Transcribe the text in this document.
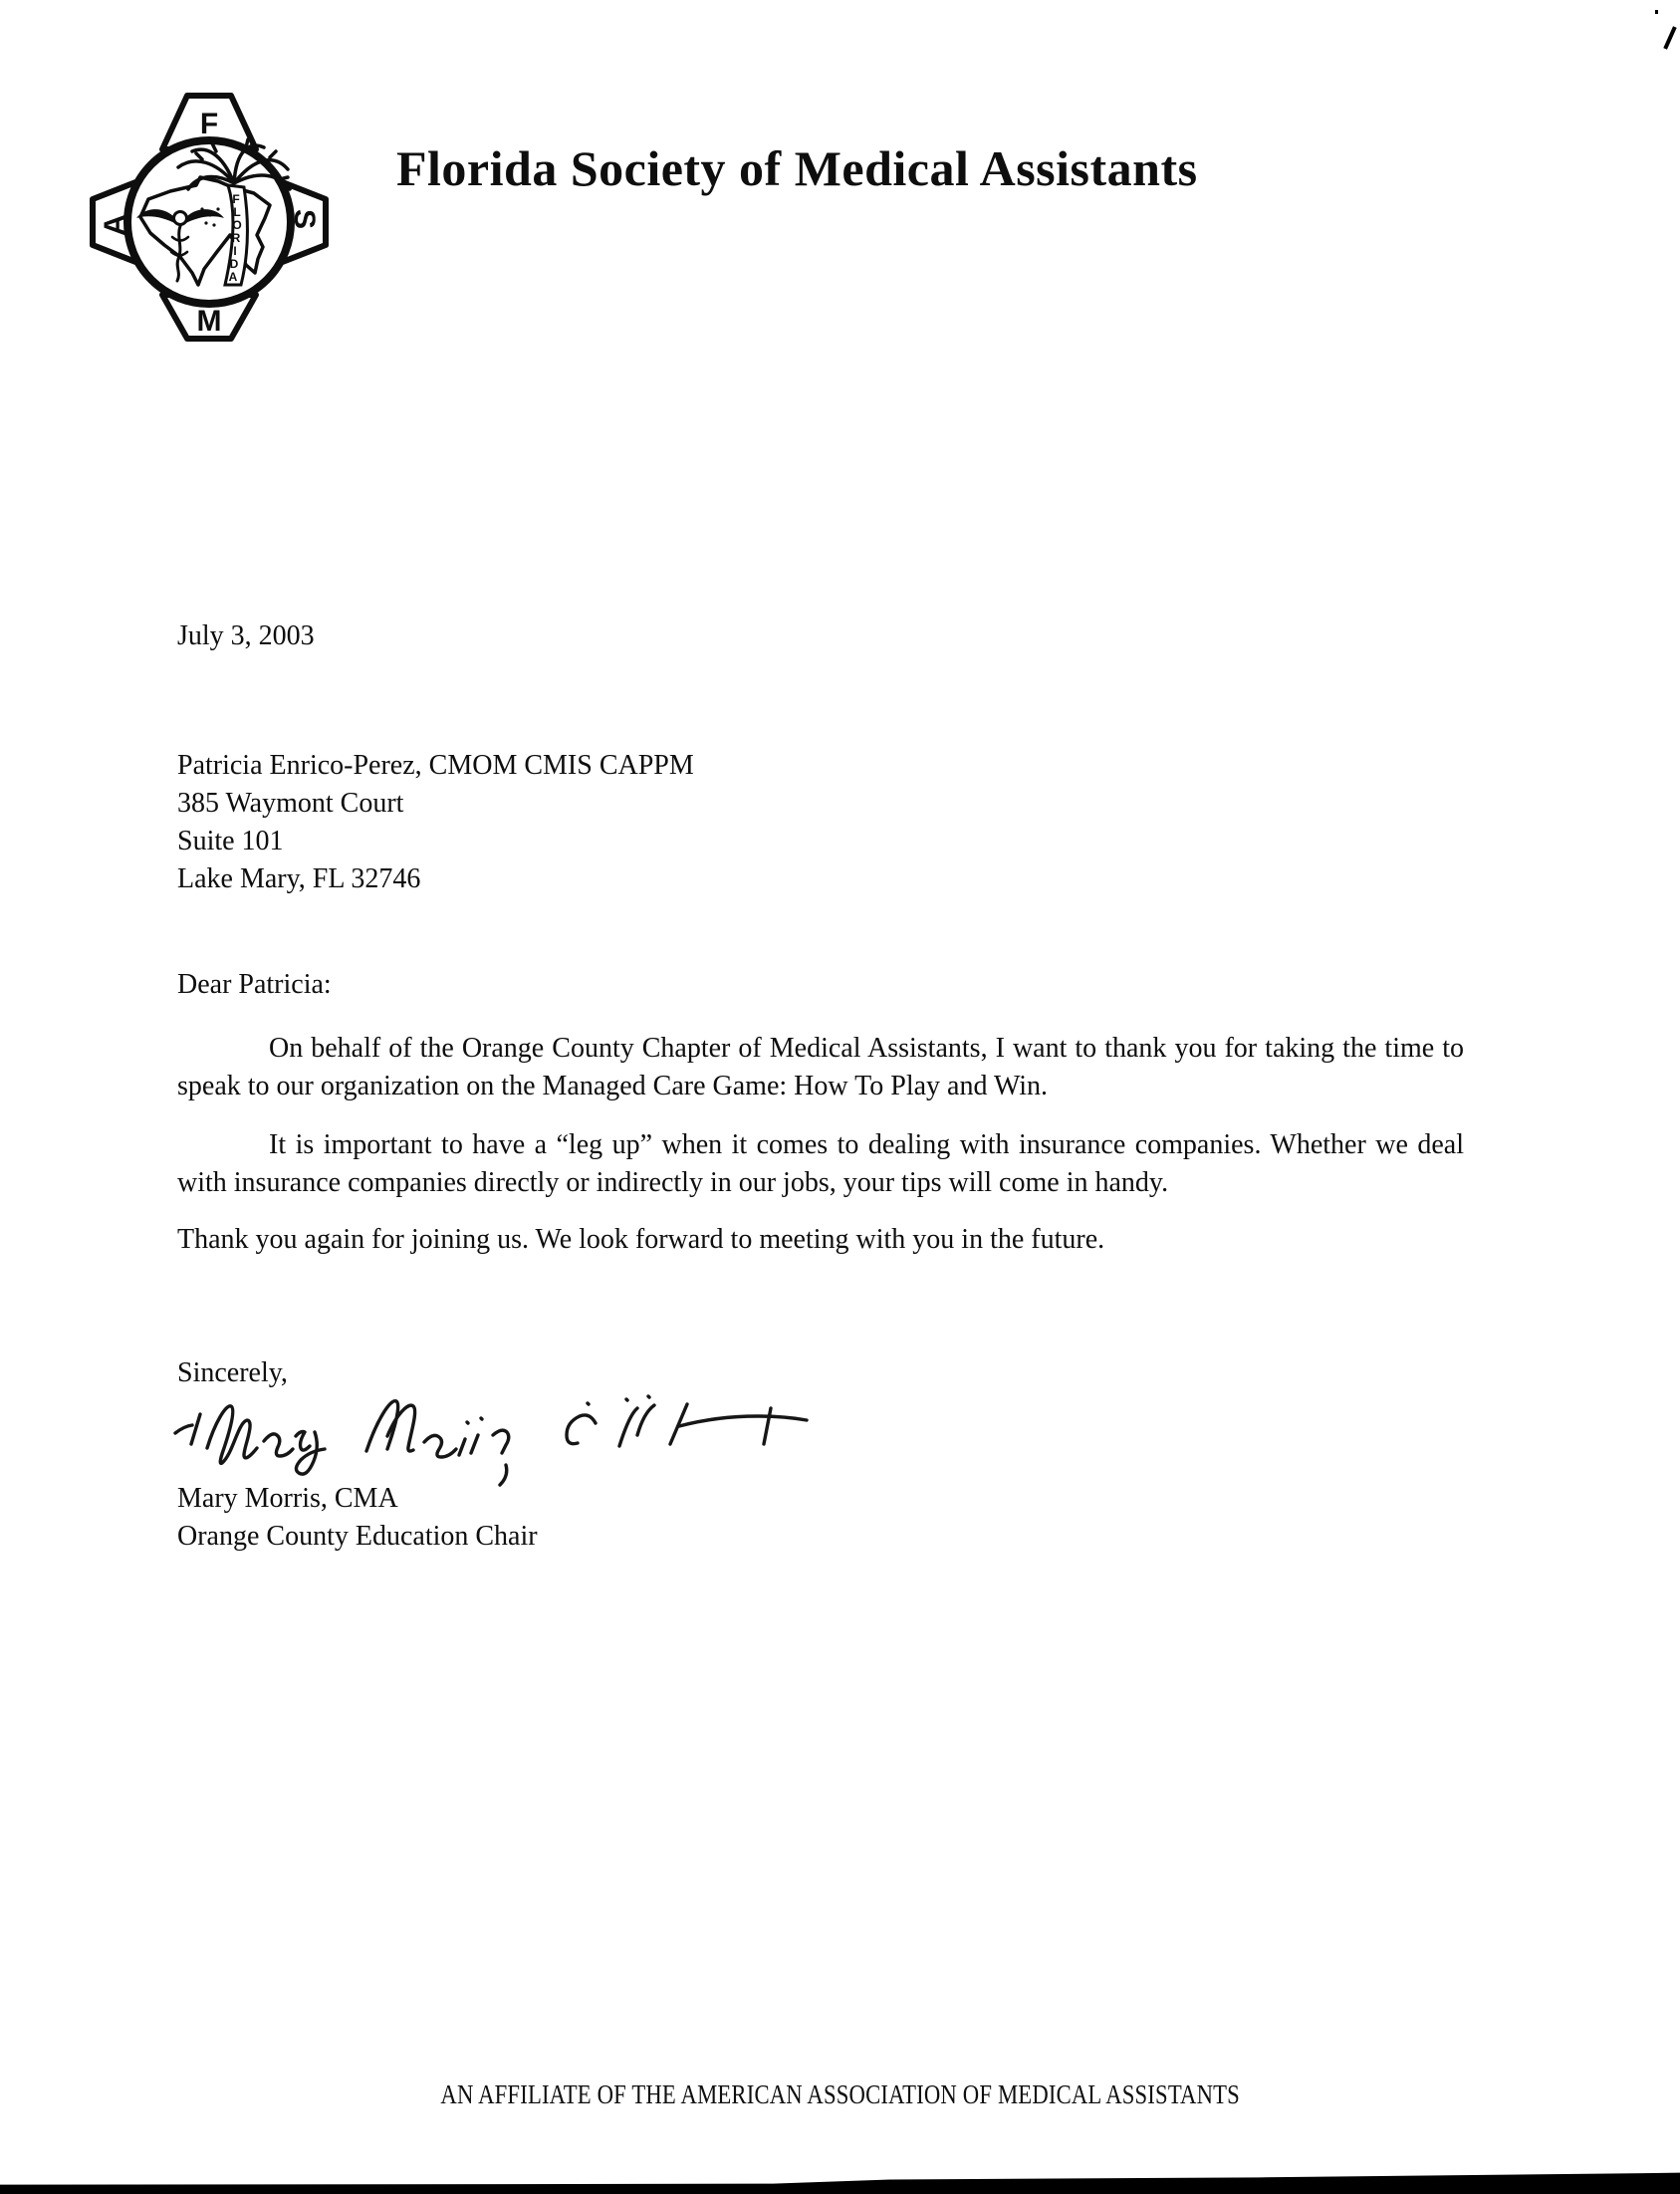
F
S
M
A
F
L
O
R
I
D
A
Florida Society of Medical Assistants
July 3, 2003
Patricia Enrico-Perez, CMOM CMIS CAPPM
385 Waymont Court
Suite 101
Lake Mary, FL 32746
Dear Patricia:
On behalf of the Orange County Chapter of Medical Assistants, I want to thank you for taking the time to speak to our organization on the Managed Care Game: How To Play and Win.
It is important to have a “leg up” when it comes to dealing with insurance companies. Whether we deal with insurance companies directly or indirectly in our jobs, your tips will come in handy.
Thank you again for joining us. We look forward to meeting with you in the future.
Sincerely,
Mary Morris, CMA
Orange County Education Chair
AN AFFILIATE OF THE AMERICAN ASSOCIATION OF MEDICAL ASSISTANTS
